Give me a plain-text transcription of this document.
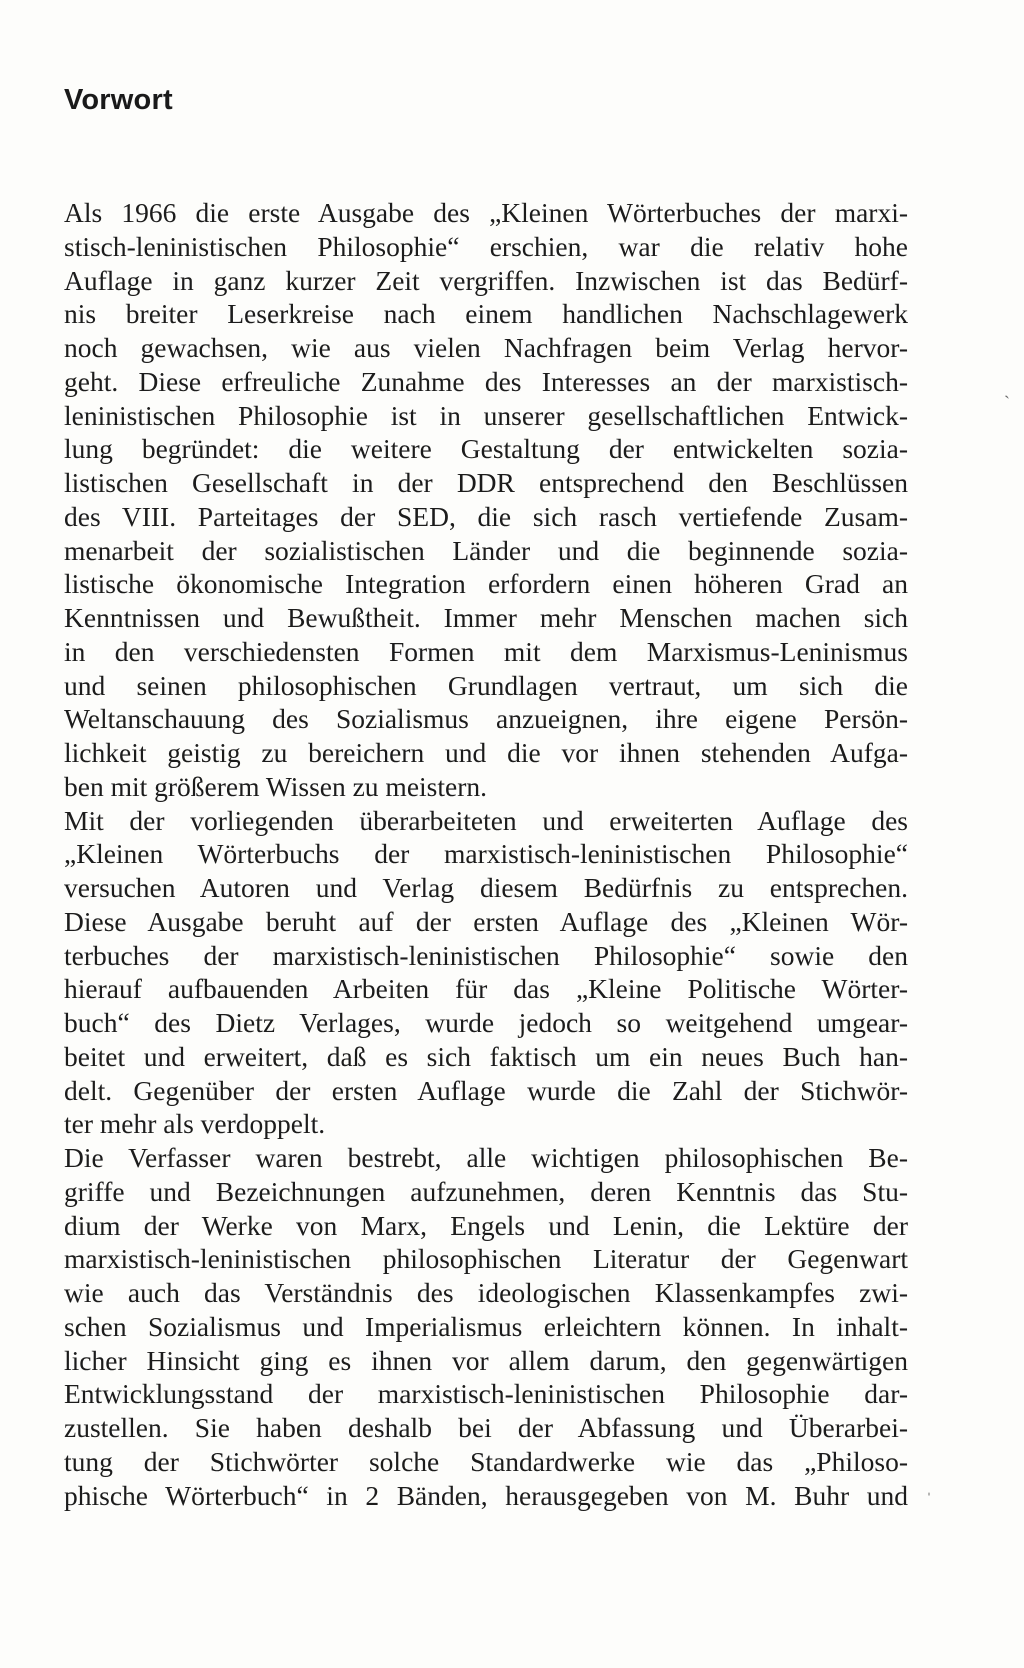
Vorwort
Als 1966 die erste Ausgabe des „Kleinen Wörterbuches der marxi-
stisch-leninistischen Philosophie“ erschien, war die relativ hohe
Auflage in ganz kurzer Zeit vergriffen. Inzwischen ist das Bedürf-
nis breiter Leserkreise nach einem handlichen Nachschlagewerk
noch gewachsen, wie aus vielen Nachfragen beim Verlag hervor-
geht. Diese erfreuliche Zunahme des Interesses an der marxistisch-
leninistischen Philosophie ist in unserer gesellschaftlichen Entwick-
lung begründet: die weitere Gestaltung der entwickelten sozia-
listischen Gesellschaft in der DDR entsprechend den Beschlüssen
des VIII. Parteitages der SED, die sich rasch vertiefende Zusam-
menarbeit der sozialistischen Länder und die beginnende sozia-
listische ökonomische Integration erfordern einen höheren Grad an
Kenntnissen und Bewußtheit. Immer mehr Menschen machen sich
in den verschiedensten Formen mit dem Marxismus-Leninismus
und seinen philosophischen Grundlagen vertraut, um sich die
Weltanschauung des Sozialismus anzueignen, ihre eigene Persön-
lichkeit geistig zu bereichern und die vor ihnen stehenden Aufga-
ben mit größerem Wissen zu meistern.
Mit der vorliegenden überarbeiteten und erweiterten Auflage des
„Kleinen Wörterbuchs der marxistisch-leninistischen Philosophie“
versuchen Autoren und Verlag diesem Bedürfnis zu entsprechen.
Diese Ausgabe beruht auf der ersten Auflage des „Kleinen Wör-
terbuches der marxistisch-leninistischen Philosophie“ sowie den
hierauf aufbauenden Arbeiten für das „Kleine Politische Wörter-
buch“ des Dietz Verlages, wurde jedoch so weitgehend umgear-
beitet und erweitert, daß es sich faktisch um ein neues Buch han-
delt. Gegenüber der ersten Auflage wurde die Zahl der Stichwör-
ter mehr als verdoppelt.
Die Verfasser waren bestrebt, alle wichtigen philosophischen Be-
griffe und Bezeichnungen aufzunehmen, deren Kenntnis das Stu-
dium der Werke von Marx, Engels und Lenin, die Lektüre der
marxistisch-leninistischen philosophischen Literatur der Gegenwart
wie auch das Verständnis des ideologischen Klassenkampfes zwi-
schen Sozialismus und Imperialismus erleichtern können. In inhalt-
licher Hinsicht ging es ihnen vor allem darum, den gegenwärtigen
Entwicklungsstand der marxistisch-leninistischen Philosophie dar-
zustellen. Sie haben deshalb bei der Abfassung und Überarbei-
tung der Stichwörter solche Standardwerke wie das „Philoso-
phische Wörterbuch“ in 2 Bänden, herausgegeben von M. Buhr und
˴
ˈ
